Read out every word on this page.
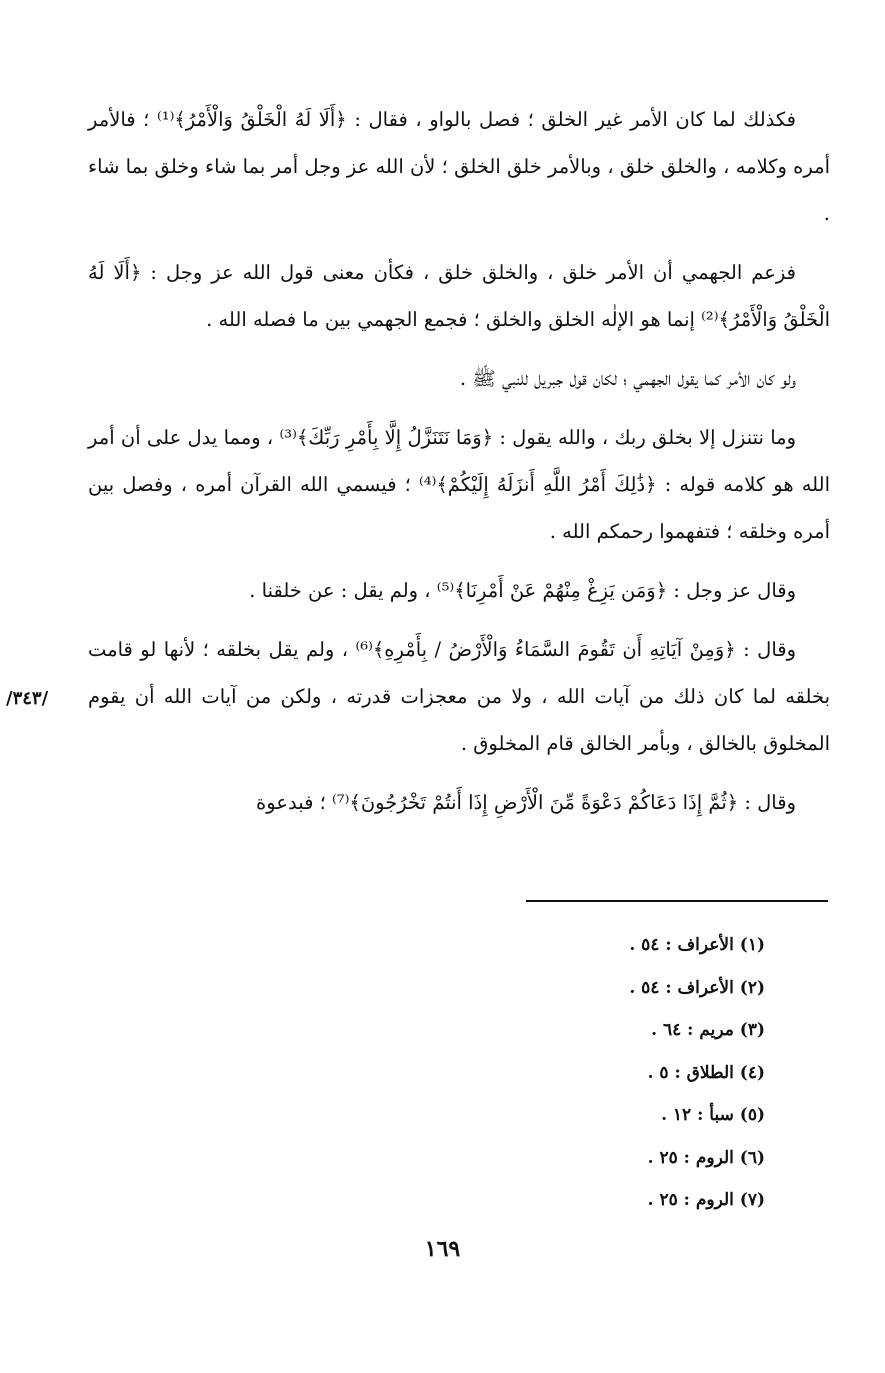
فكذلك لما كان الأمر غير الخلق ؛ فصل بالواو ، فقال : ﴿أَلَا لَهُ الْخَلْقُ وَالْأَمْرُ﴾⁽¹⁾ ؛ فالأمر أمره وكلامه ، والخلق خلق ، وبالأمر خلق الخلق ؛ لأن الله عز وجل أمر بما شاء وخلق بما شاء .

فزعم الجهمي أن الأمر خلق ، والخلق خلق ، فكأن معنى قول الله عز وجل : ﴿أَلَا لَهُ الْخَلْقُ وَالْأَمْرُ﴾⁽²⁾ إنما هو الإلٰه الخلق والخلق ؛ فجمع الجهمي بين ما فصله الله .

ولو كان الأمر كما يقول الجهمي ؛ لكان قول جبريل للنبي ﷺ .

وما نتنزل إلا بخلق ربك ، والله يقول : ﴿وَمَا نَتَنَزَّلُ إِلَّا بِأَمْرِ رَبِّكَ﴾⁽³⁾ ، ومما يدل على أن أمر الله هو كلامه قوله : ﴿ذَٰلِكَ أَمْرُ اللَّهِ أَنزَلَهُ إِلَيْكُمْ﴾⁽⁴⁾ ؛ فيسمي الله القرآن أمره ، وفصل بين أمره وخلقه ؛ فتفهموا رحمكم الله .

وقال عز وجل : ﴿وَمَن يَزِغْ مِنْهُمْ عَنْ أَمْرِنَا﴾⁽⁵⁾ ، ولم يقل : عن خلقنا .

وقال : ﴿وَمِنْ آيَاتِهِ أَن تَقُومَ السَّمَاءُ وَالْأَرْضُ / بِأَمْرِهِ﴾⁽⁶⁾ ، ولم يقل بخلقه ؛ لأنها لو قامت بخلقه لما كان ذلك من آيات الله ، ولا من معجزات قدرته ، ولكن من آيات الله أن يقوم المخلوق بالخالق ، وبأمر الخالق قام المخلوق .

وقال : ﴿ثُمَّ إِذَا دَعَاكُمْ دَعْوَةً مِّنَ الْأَرْضِ إِذَا أَنتُمْ تَخْرُجُونَ﴾⁽⁷⁾ ؛ فبدعوة

/٣٤٣/

(١) الأعراف : ٥٤ .

(٢) الأعراف : ٥٤ .

(٣) مريم : ٦٤ .

(٤) الطلاق : ٥ .

(٥) سبأ : ١٢ .

(٦) الروم : ٢٥ .

(٧) الروم : ٢٥ .

١٦٩
